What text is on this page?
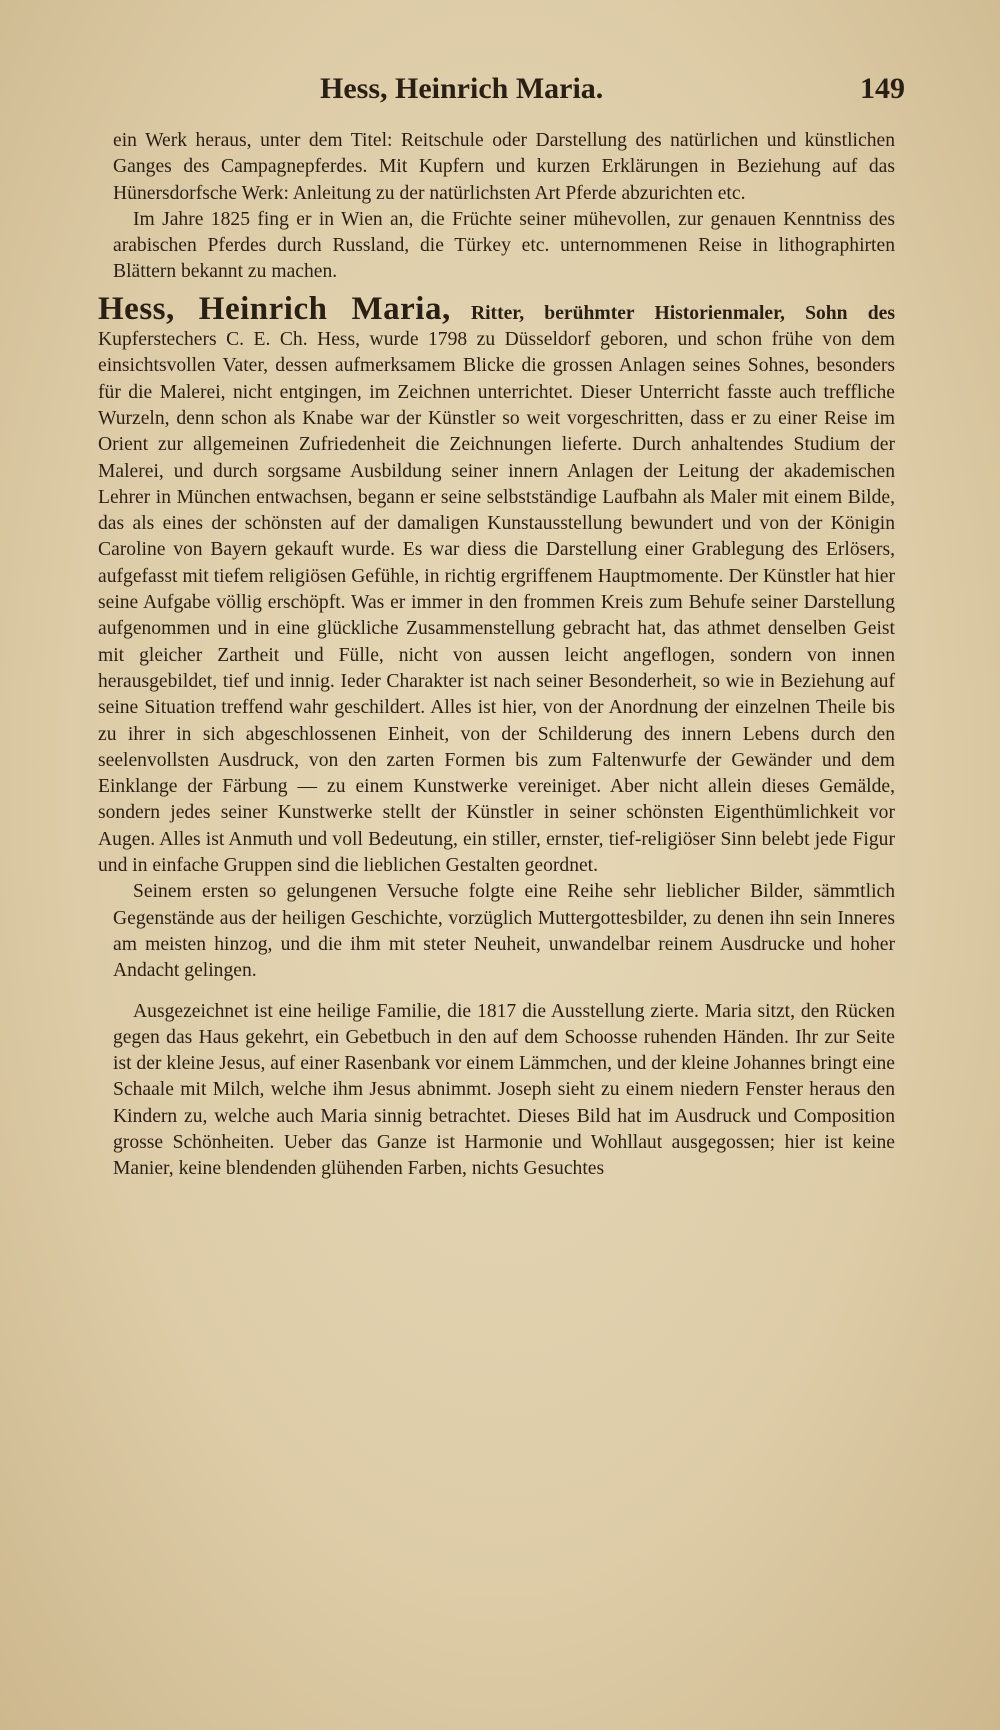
Hess, Heinrich Maria.	149

ein Werk heraus, unter dem Titel: Reitschule oder Darstellung des natürlichen und künstlichen Ganges des Campagnepferdes. Mit Kupfern und kurzen Erklärungen in Beziehung auf das Hünersdorfsche Werk: Anleitung zu der natürlichsten Art Pferde abzurichten etc.

Im Jahre 1825 fing er in Wien an, die Früchte seiner mühevollen, zur genauen Kenntniss des arabischen Pferdes durch Russland, die Türkey etc. unternommenen Reise in lithographirten Blättern bekannt zu machen.

Hess, Heinrich Maria, Ritter, berühmter Historienmaler, Sohn des Kupferstechers C. E. Ch. Hess, wurde 1798 zu Düsseldorf geboren, und schon frühe von dem einsichtsvollen Vater, dessen aufmerksamem Blicke die grossen Anlagen seines Sohnes, besonders für die Malerei, nicht entgingen, im Zeichnen unterrichtet. Dieser Unterricht fasste auch treffliche Wurzeln, denn schon als Knabe war der Künstler so weit vorgeschritten, dass er zu einer Reise im Orient zur allgemeinen Zufriedenheit die Zeichnungen lieferte. Durch anhaltendes Studium der Malerei, und durch sorgsame Ausbildung seiner innern Anlagen der Leitung der akademischen Lehrer in München entwachsen, begann er seine selbstständige Laufbahn als Maler mit einem Bilde, das als eines der schönsten auf der damaligen Kunstausstellung bewundert und von der Königin Caroline von Bayern gekauft wurde. Es war diess die Darstellung einer Grablegung des Erlösers, aufgefasst mit tiefem religiösen Gefühle, in richtig ergriffenem Hauptmomente. Der Künstler hat hier seine Aufgabe völlig erschöpft. Was er immer in den frommen Kreis zum Behufe seiner Darstellung aufgenommen und in eine glückliche Zusammenstellung gebracht hat, das athmet denselben Geist mit gleicher Zartheit und Fülle, nicht von aussen leicht angeflogen, sondern von innen herausgebildet, tief und innig. Ieder Charakter ist nach seiner Besonderheit, so wie in Beziehung auf seine Situation treffend wahr geschildert. Alles ist hier, von der Anordnung der einzelnen Theile bis zu ihrer in sich abgeschlossenen Einheit, von der Schilderung des innern Lebens durch den seelenvollsten Ausdruck, von den zarten Formen bis zum Faltenwurfe der Gewänder und dem Einklange der Färbung — zu einem Kunstwerke vereiniget. Aber nicht allein dieses Gemälde, sondern jedes seiner Kunstwerke stellt der Künstler in seiner schönsten Eigenthümlichkeit vor Augen. Alles ist Anmuth und voll Bedeutung, ein stiller, ernster, tief-religiöser Sinn belebt jede Figur und in einfache Gruppen sind die lieblichen Gestalten geordnet.

Seinem ersten so gelungenen Versuche folgte eine Reihe sehr lieblicher Bilder, sämmtlich Gegenstände aus der heiligen Geschichte, vorzüglich Muttergottesbilder, zu denen ihn sein Inneres am meisten hinzog, und die ihm mit steter Neuheit, unwandelbar reinem Ausdrucke und hoher Andacht gelingen.

Ausgezeichnet ist eine heilige Familie, die 1817 die Ausstellung zierte. Maria sitzt, den Rücken gegen das Haus gekehrt, ein Gebetbuch in den auf dem Schoosse ruhenden Händen. Ihr zur Seite ist der kleine Jesus, auf einer Rasenbank vor einem Lämmchen, und der kleine Johannes bringt eine Schaale mit Milch, welche ihm Jesus abnimmt. Joseph sieht zu einem niedern Fenster heraus den Kindern zu, welche auch Maria sinnig betrachtet. Dieses Bild hat im Ausdruck und Composition grosse Schönheiten. Ueber das Ganze ist Harmonie und Wohllaut ausgegossen; hier ist keine Manier, keine blendenden glühenden Farben, nichts Gesuchtes
